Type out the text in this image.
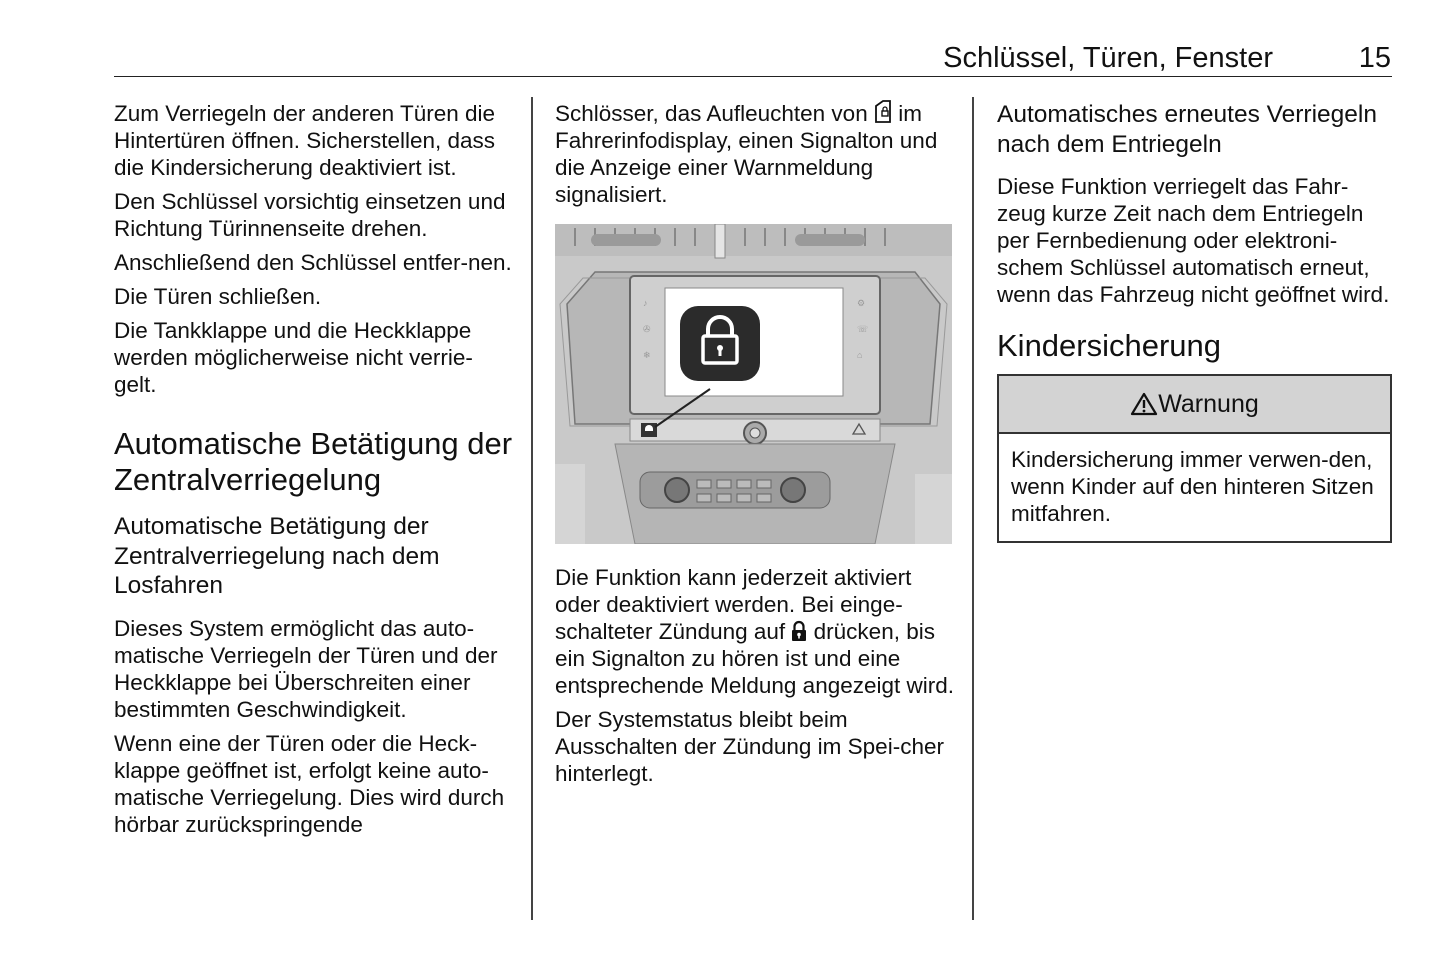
Schlüssel, Türen, Fenster	15

Zum Verriegeln der anderen Türen die Hintertüren öffnen. Sicherstellen, dass die Kindersicherung deaktiviert ist.

Den Schlüssel vorsichtig einsetzen und Richtung Türinnenseite drehen.

Anschließend den Schlüssel entfer-nen.

Die Türen schließen.

Die Tankklappe und die Heckklappe werden möglicherweise nicht verrie-gelt.

Automatische Betätigung der Zentralverriegelung
Automatische Betätigung der Zentralverriegelung nach dem Losfahren

Dieses System ermöglicht das auto-matische Verriegeln der Türen und der Heckklappe bei Überschreiten einer bestimmten Geschwindigkeit.

Wenn eine der Türen oder die Heck-klappe geöffnet ist, erfolgt keine auto-matische Verriegelung. Dies wird durch hörbar zurückspringende

Schlösser, das Aufleuchten von  im Fahrerinfodisplay, einen Signalton und die Anzeige einer Warnmeldung signalisiert.

♪
✇
❄
⚙
☏
⌂

Die Funktion kann jederzeit aktiviert oder deaktiviert werden. Bei einge-schalteter Zündung auf  drücken, bis ein Signalton zu hören ist und eine entsprechende Meldung angezeigt wird.

Der Systemstatus bleibt beim Ausschalten der Zündung im Spei-cher hinterlegt.

Automatisches erneutes Verriegeln nach dem Entriegeln

Diese Funktion verriegelt das Fahr-zeug kurze Zeit nach dem Entriegeln per Fernbedienung oder elektroni-schem Schlüssel automatisch erneut, wenn das Fahrzeug nicht geöffnet wird.

Kindersicherung
Warnung

Kindersicherung immer verwen-den, wenn Kinder auf den hinteren Sitzen mitfahren.
